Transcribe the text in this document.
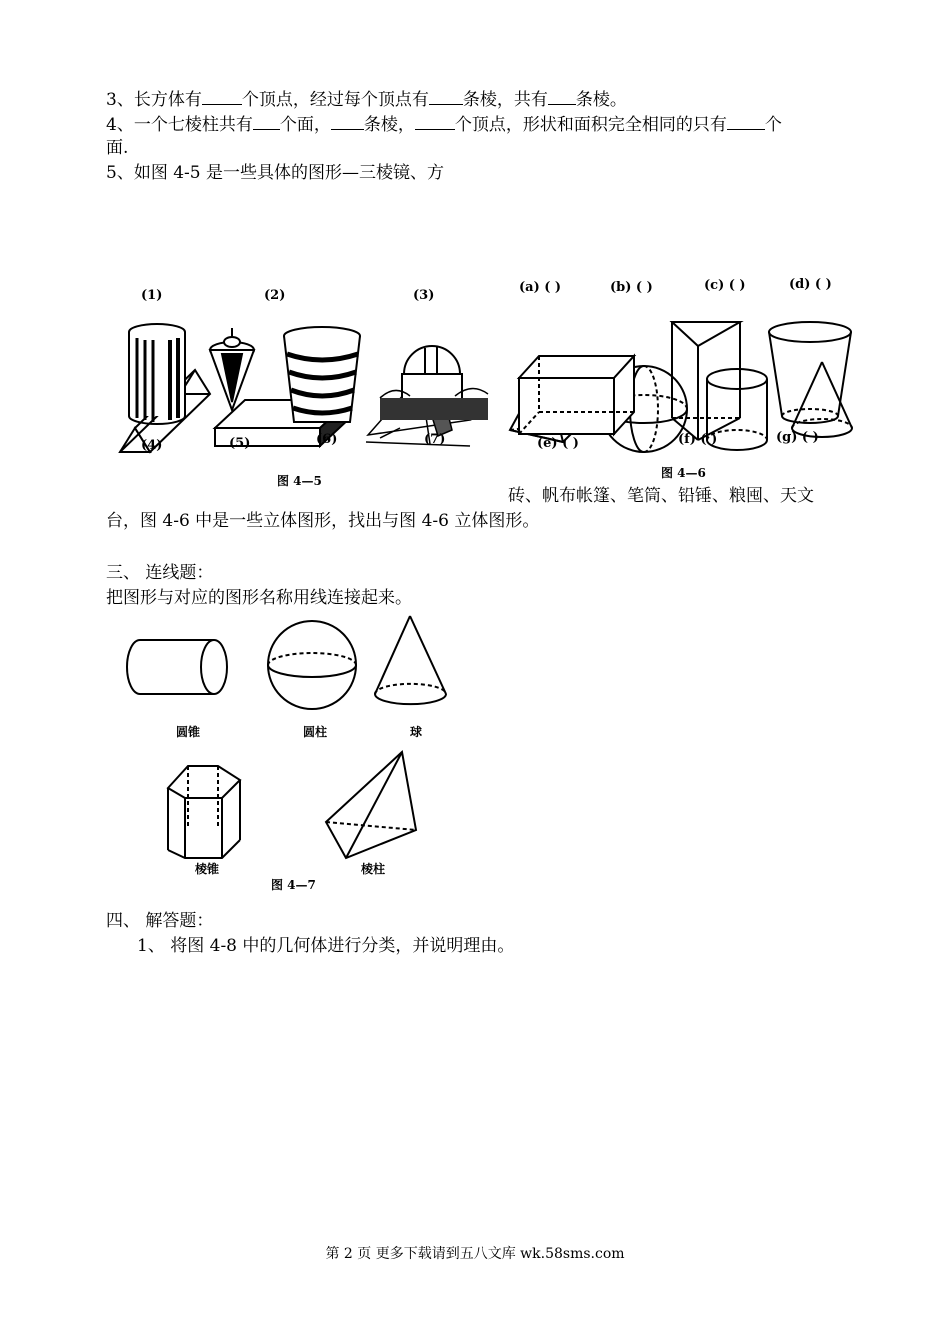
3、长方体有 个顶点，经过每个顶点有 条棱，共有 条棱。
4、一个七棱柱共有 个面， 条棱， 个顶点，形状和面积完全相同的只有 个
面.
5、如图 4-5 是一些具体的图形—三棱镜、方
(1)	(2)	(3)
(a) ( )	(b) ( )	(c) ( )	(d) ( )
(4)	(5)	(6)	(7)	(e) ( )	(f) ( )	(g) ( )
图 4—5
图 4—6
砖、帆布帐篷、笔筒、铅锤、粮囤、天文
台，图 4-6 中是一些立体图形，找出与图 4-6 立体图形。
三、 连线题：
把图形与对应的图形名称用线连接起来。
圆锥	圆柱	球
棱锥	棱柱
图 4—7
四、 解答题：
1、 将图 4-8 中的几何体进行分类，并说明理由。
第 2 页 更多下载请到五八文库 wk.58sms.com
